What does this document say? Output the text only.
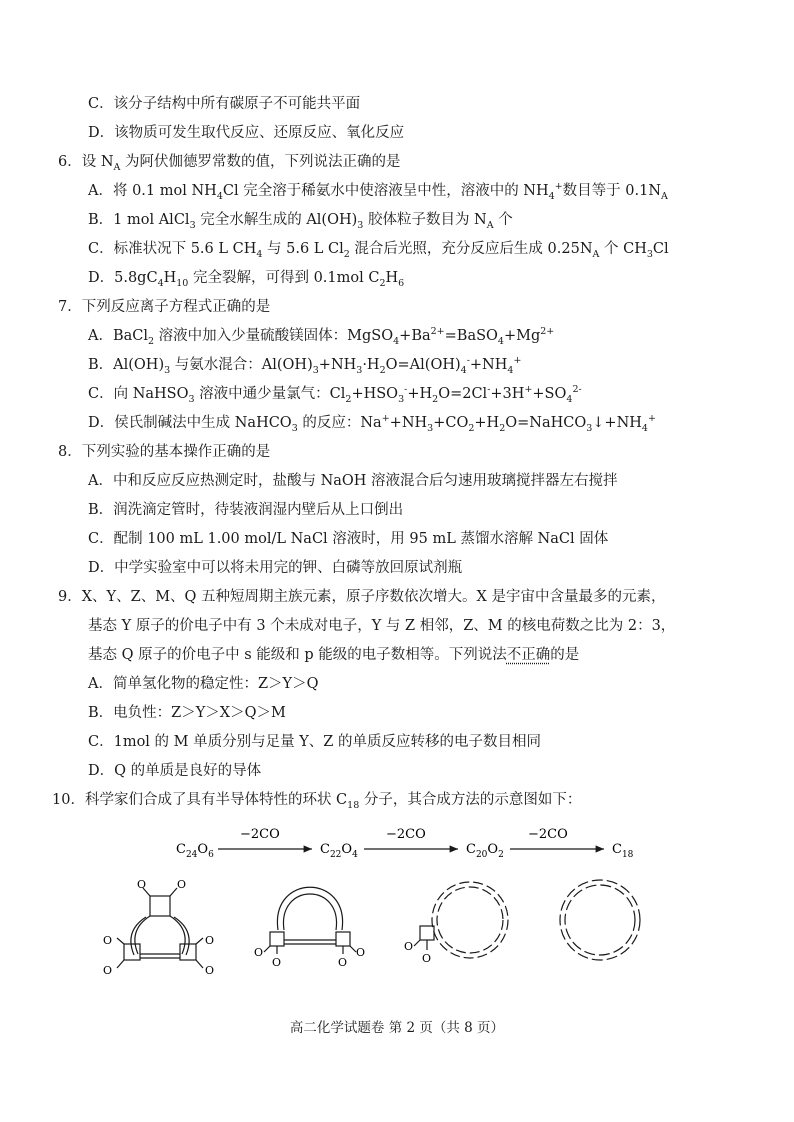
C．该分子结构中所有碳原子不可能共平面
D．该物质可发生取代反应、还原反应、氧化反应
6．设 $N_A$ 为阿伏伽德罗常数的值，下列说法正确的是
A．将 0.1 mol $NH_4Cl$ 完全溶于稀氨水中使溶液呈中性，溶液中的 $NH_4^+$数目等于 $0.1N_A$
B．1 mol AlCl$_3$ 完全水解生成的 $Al(OH)_3$ 胶体粒子数目为 $N_A$ 个
C．标准状况下 5.6 L $CH_4$ 与 5.6 L $Cl_2$ 混合后光照，充分反应后生成 $0.25N_A$ 个 $CH_3Cl$
D．$5.8gC_4H_{10}$ 完全裂解，可得到 0.1mol $C_2H_6$
7．下列反应离子方程式正确的是
A．BaCl$_2$ 溶液中加入少量硫酸镁固体：$MgSO_4+Ba^{2+}=BaSO_4+Mg^{2+}$
B．$Al(OH)_3$ 与氨水混合：$Al(OH)_3+NH_3\cdot H_2O=Al(OH)_4^-+NH_4^+$
C．向 NaHSO$_3$ 溶液中通少量氯气：$Cl_2+HSO_3^-+H_2O=2Cl^-+3H^++SO_4^{2-}$
D．侯氏制碱法中生成 NaHCO$_3$ 的反应：$Na^++NH_3+CO_2+H_2O=NaHCO_3↓+NH_4^+$
8．下列实验的基本操作正确的是
A．中和反应反应热测定时，盐酸与 NaOH 溶液混合后匀速用玻璃搅拌器左右搅拌
B．润洗滴定管时，待装液润湿内壁后从上口倒出
C．配制 100 mL 1.00 mol/L NaCl 溶液时，用 95 mL 蒸馏水溶解 NaCl 固体
D．中学实验室中可以将未用完的钾、白磷等放回原试剂瓶
9．X、Y、Z、M、Q 五种短周期主族元素，原子序数依次增大。X 是宇宙中含量最多的元素，
基态 Y 原子的价电子中有 3 个未成对电子，Y 与 Z 相邻，Z、M 的核电荷数之比为 2：3，
基态 Q 原子的价电子中 s 能级和 p 能级的电子数相等。下列说法不正确的是
A．简单氢化物的稳定性：Z＞Y＞Q
B．电负性：Z＞Y＞X＞Q＞M
C．1mol 的 M 单质分别与足量 Y、Z 的单质反应转移的电子数目相同
D．Q 的单质是良好的导体
10．科学家们合成了具有半导体特性的环状 $C_{18}$ 分子，其合成方法的示意图如下：
$C_{24}O_6$
−2CO
$C_{22}O_4$
−2CO
$C_{20}O_2$
−2CO
$C_{18}$
O	O
O
O
O
O
O
O	O
O	O
O
高二化学试题卷 第 2 页（共 8 页）
